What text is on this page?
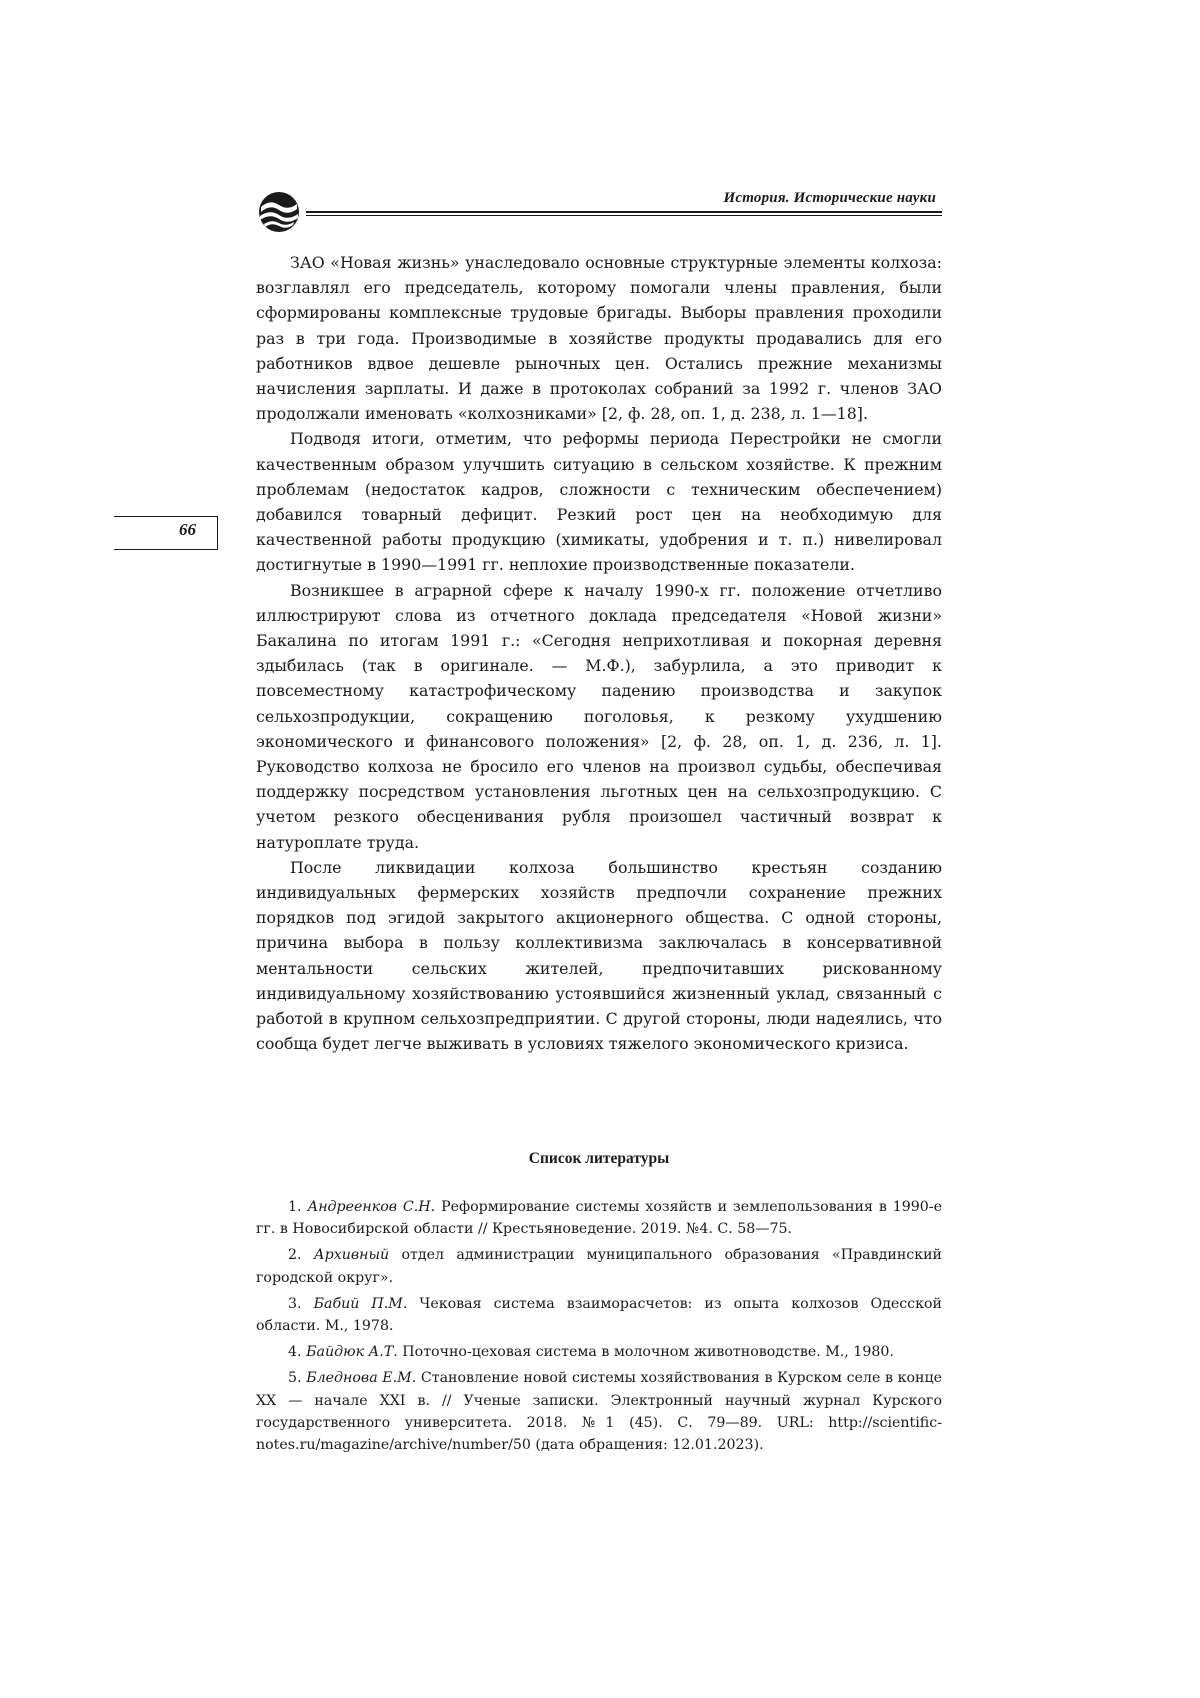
История. Исторические науки
66

ЗАО «Новая жизнь» унаследовало основные структурные элементы колхоза: возглавлял его председатель, которому помогали члены правления, были сформированы комплексные трудовые бригады. Выборы правления проходили раз в три года. Производимые в хозяйстве продукты продавались для его работников вдвое дешевле рыночных цен. Остались прежние механизмы начисления зарплаты. И даже в протоколах собраний за 1992 г. членов ЗАО продолжали именовать «колхозниками» [2, ф. 28, оп. 1, д. 238, л. 1—18].

Подводя итоги, отметим, что реформы периода Перестройки не смогли качественным образом улучшить ситуацию в сельском хозяйстве. К прежним проблемам (недостаток кадров, сложности с техническим обеспечением) добавился товарный дефицит. Резкий рост цен на необходимую для качественной работы продукцию (химикаты, удобрения и т. п.) нивелировал достигнутые в 1990—1991 гг. неплохие производственные показатели.

Возникшее в аграрной сфере к началу 1990-х гг. положение отчетливо иллюстрируют слова из отчетного доклада председателя «Новой жизни» Бакалина по итогам 1991 г.: «Сегодня неприхотливая и покорная деревня здыбилась (так в оригинале. — М.Ф.), забурлила, а это приводит к повсеместному катастрофическому падению производства и закупок сельхозпродукции, сокращению поголовья, к резкому ухудшению экономического и финансового положения» [2, ф. 28, оп. 1, д. 236, л. 1]. Руководство колхоза не бросило его членов на произвол судьбы, обеспечивая поддержку посредством установления льготных цен на сельхозпродукцию. С учетом резкого обесценивания рубля произошел частичный возврат к натуроплате труда.

После ликвидации колхоза большинство крестьян созданию индивидуальных фермерских хозяйств предпочли сохранение прежних порядков под эгидой закрытого акционерного общества. С одной стороны, причина выбора в пользу коллективизма заключалась в консервативной ментальности сельских жителей, предпочитавших рискованному индивидуальному хозяйствованию устоявшийся жизненный уклад, связанный с работой в крупном сельхозпредприятии. С другой стороны, люди надеялись, что сообща будет легче выживать в условиях тяжелого экономического кризиса.

Список литературы
1. Андреенков С.Н. Реформирование системы хозяйств и землепользования в 1990-е гг. в Новосибирской области // Крестьяноведение. 2019. №4. С. 58—75.
2. Архивный отдел администрации муниципального образования «Правдинский городской округ».
3. Бабий П.М. Чековая система взаиморасчетов: из опыта колхозов Одесской области. М., 1978.
4. Байдюк А.Т. Поточно-цеховая система в молочном животноводстве. М., 1980.
5. Бледнова Е.М. Становление новой системы хозяйствования в Курском селе в конце XX — начале XXI в. // Ученые записки. Электронный научный журнал Курского государственного университета. 2018. №1 (45). С. 79—89. URL: http://scientific-notes.ru/magazine/archive/number/50 (дата обращения: 12.01.2023).
